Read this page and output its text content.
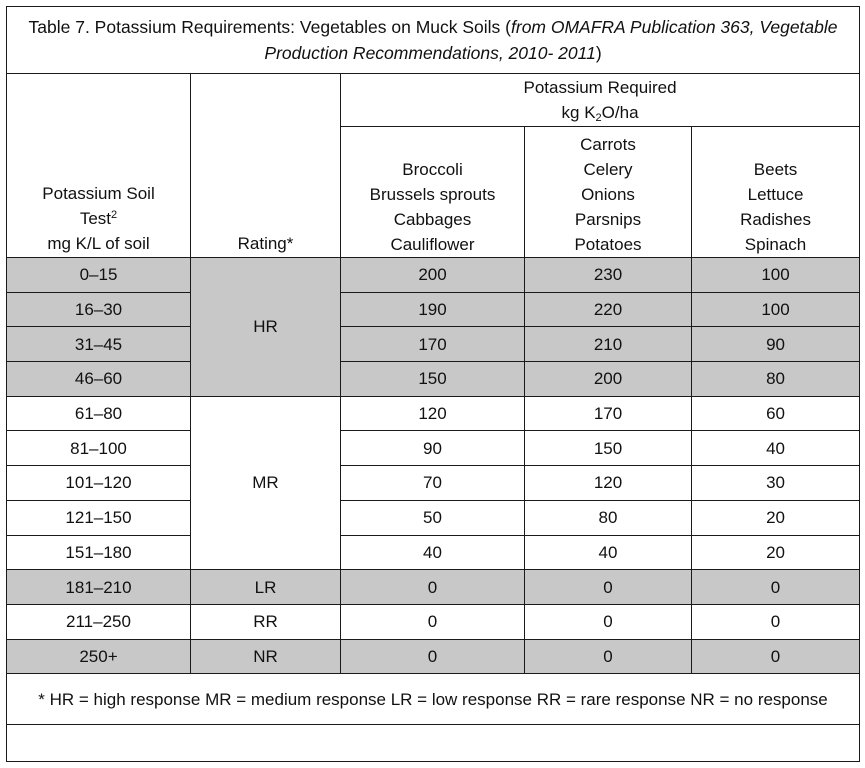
Table 7. Potassium Requirements: Vegetables on Muck Soils (from OMAFRA Publication 363, Vegetable Production Recommendations, 2010- 2011)				

Potassium Soil
Test$^2$
mg K/L of soil	Rating*	Potassium Required
kg $K_2O/ha$		

		Broccoli
Brussels sprouts
Cabbages
Cauliflower	Carrots
Celery
Onions
Parsnips
Potatoes	Beets
Lettuce
Radishes
Spinach

0–15	HR	200	230	100
16–30		190	220	100
31–45		170	210	90
46–60		150	200	80
61–80	MR	120	170	60
81–100		90	150	40
101–120		70	120	30
121–150		50	80	20
151–180		40	40	20
181–210	LR	0	0	0
211–250	RR	0	0	0
250+	NR	0	0	0
* HR = high response MR = medium response LR = low response RR = rare response NR = no response				
